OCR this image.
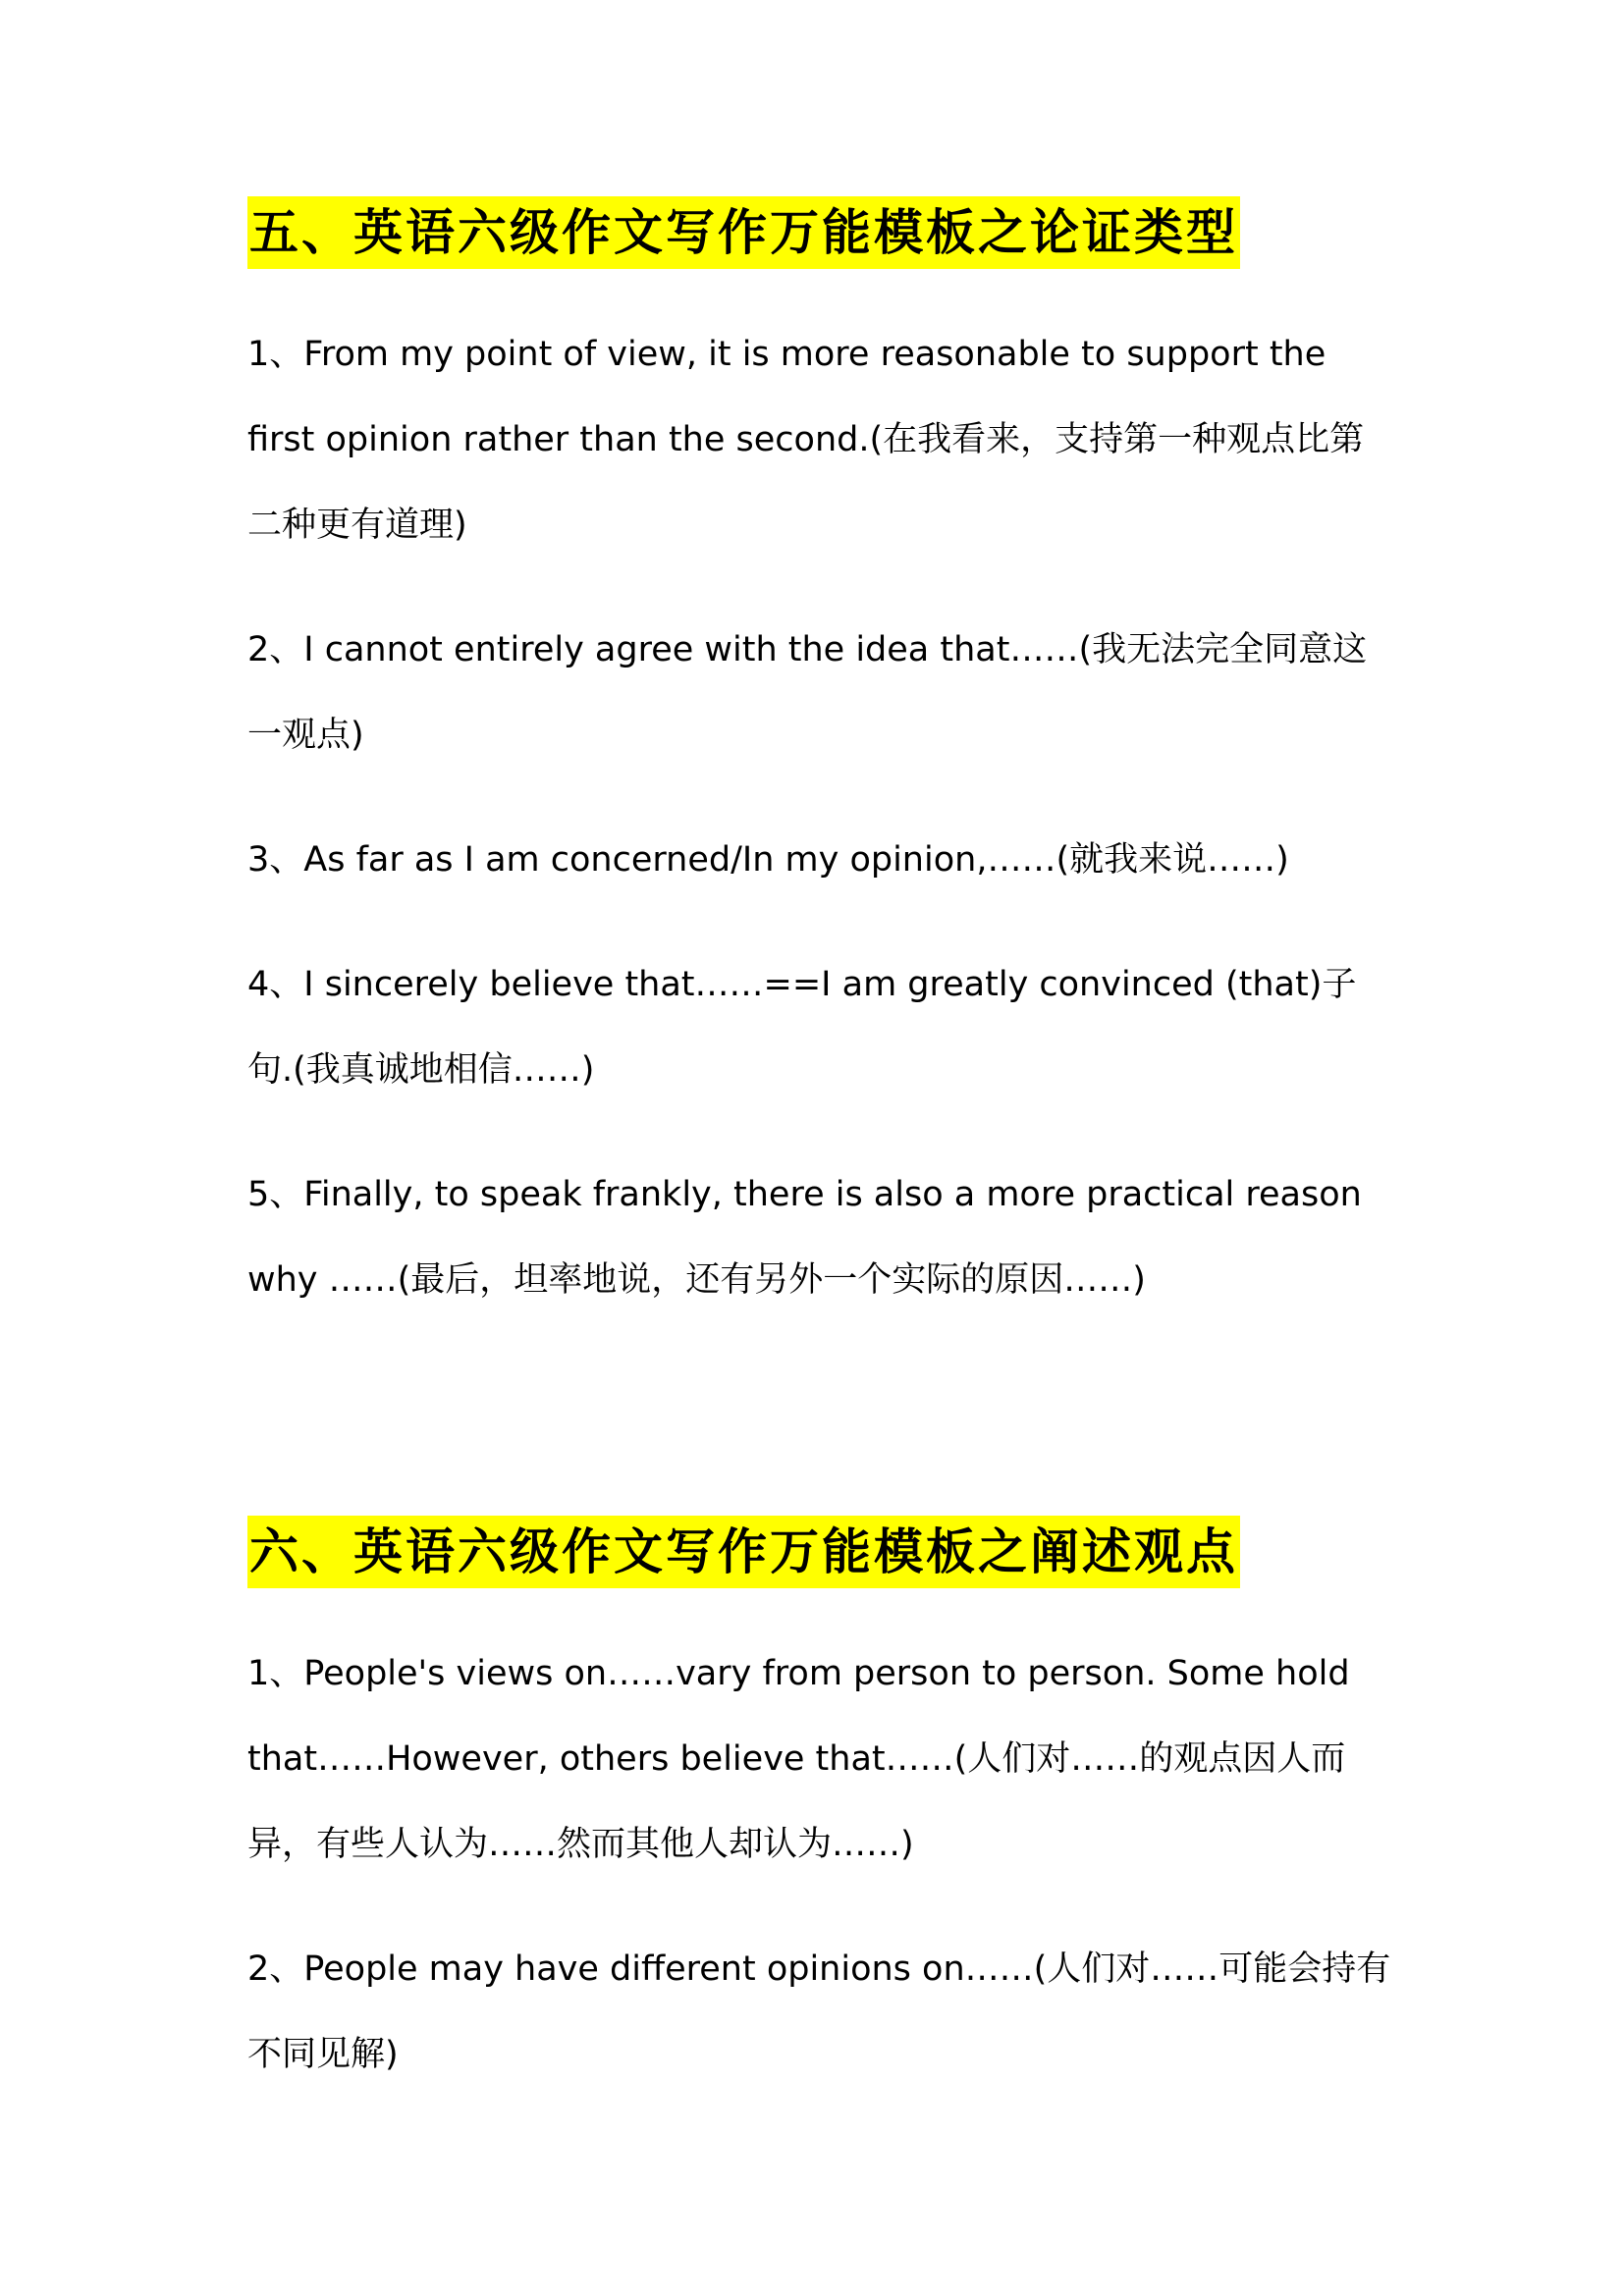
五、英语六级作文写作万能模板之论证类型

1、From my point of view, it is more reasonable to support the first opinion rather than the second.(在我看来，支持第一种观点比第二种更有道理)

2、I cannot entirely agree with the idea that……(我无法完全同意这一观点)

3、As far as I am concerned/In my opinion,……(就我来说……)

4、I sincerely believe that……==I am greatly convinced (that)子句.(我真诚地相信……)

5、Finally, to speak frankly, there is also a more practical reason why ……(最后，坦率地说，还有另外一个实际的原因……)

六、英语六级作文写作万能模板之阐述观点

1、People's views on……vary from person to person. Some hold that……However, others believe that……(人们对……的观点因人而异，有些人认为……然而其他人却认为……)

2、People may have different opinions on……(人们对……可能会持有不同见解)
